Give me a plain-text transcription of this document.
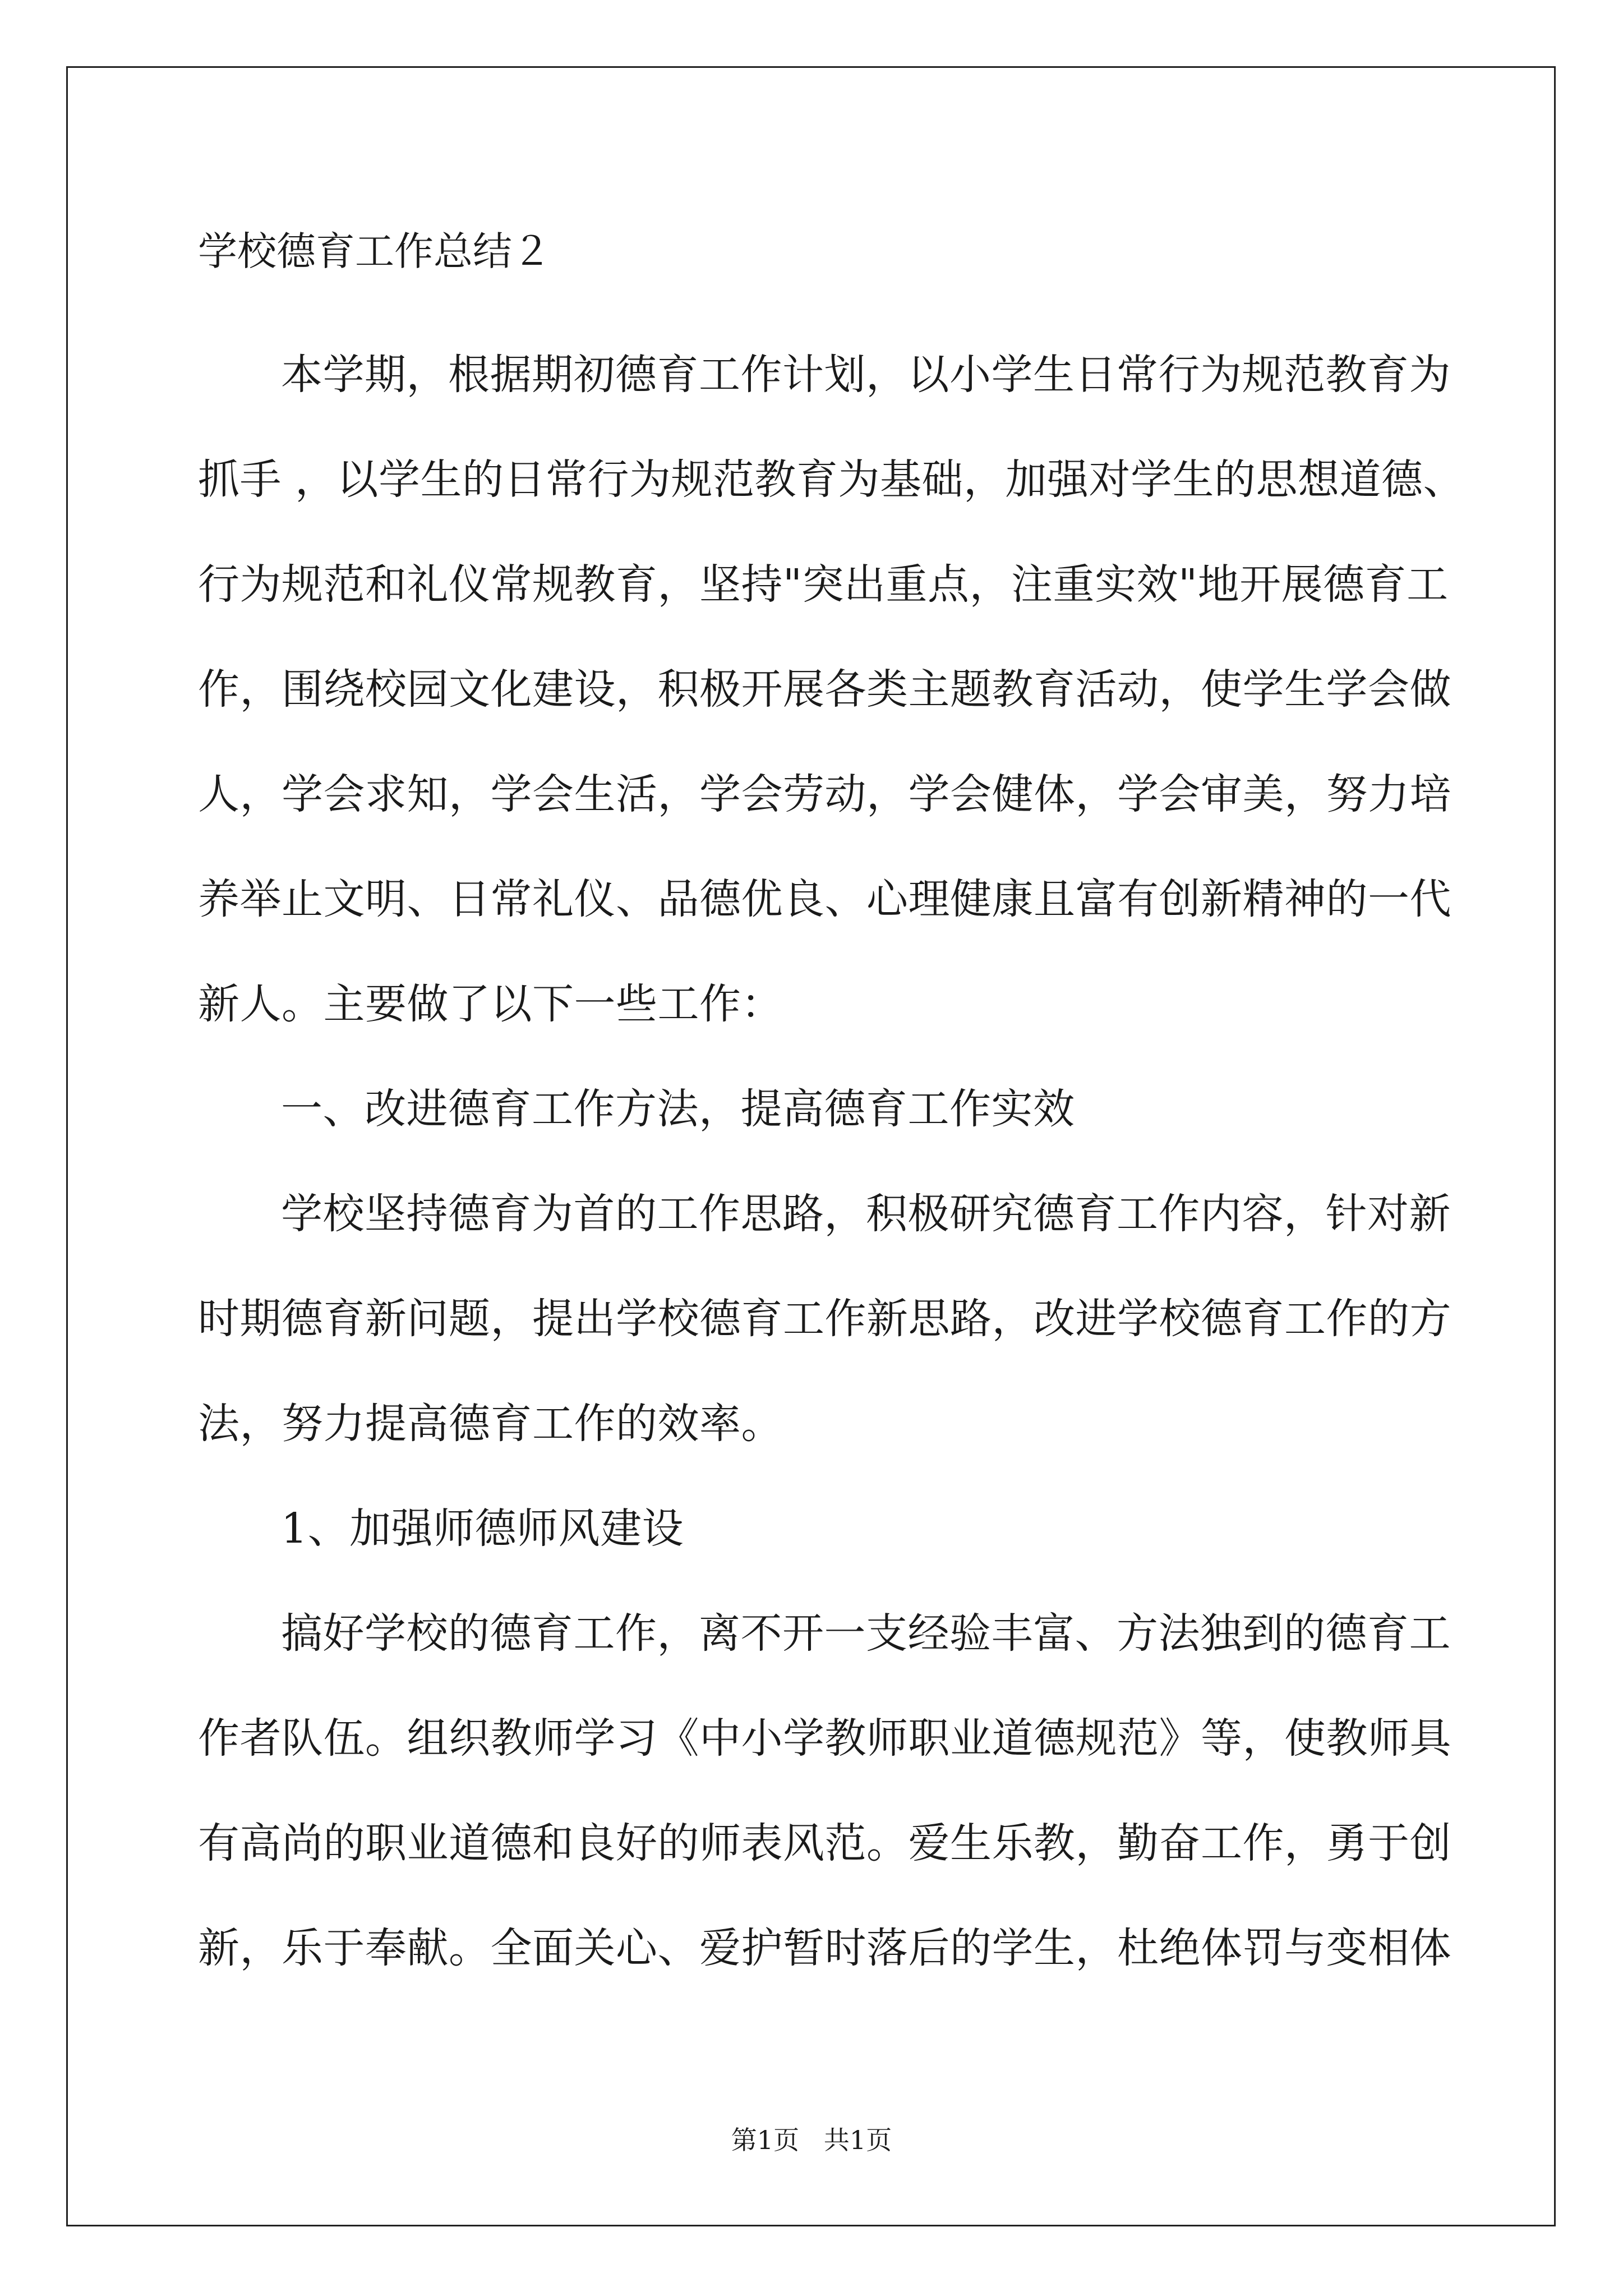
学校德育工作总结２

本学期，根据期初德育工作计划，以小学生日常行为规范教育为抓手 ，以学生的日常行为规范教育为基础，加强对学生的思想道德、行为规范和礼仪常规教育，坚持"突出重点，注重实效"地开展德育工作，围绕校园文化建设，积极开展各类主题教育活动，使学生学会做人，学会求知，学会生活，学会劳动，学会健体，学会审美，努力培养举止文明、日常礼仪、品德优良、心理健康且富有创新精神的一代新人。主要做了以下一些工作：

一、改进德育工作方法，提高德育工作实效

学校坚持德育为首的工作思路，积极研究德育工作内容，针对新时期德育新问题，提出学校德育工作新思路，改进学校德育工作的方法，努力提高德育工作的效率。

1、加强师德师风建设

搞好学校的德育工作，离不开一支经验丰富、方法独到的德育工作者队伍。组织教师学习《中小学教师职业道德规范》等，使教师具有高尚的职业道德和良好的师表风范。爱生乐教，勤奋工作，勇于创新，乐于奉献。全面关心、爱护暂时落后的学生，杜绝体罚与变相体

第1页   共1页
